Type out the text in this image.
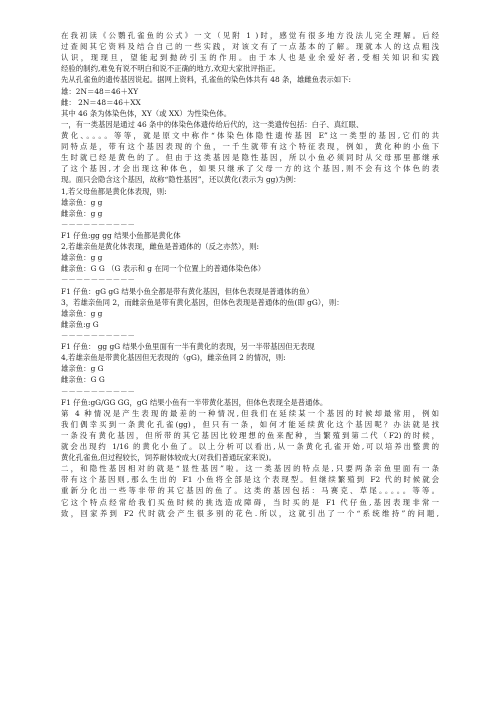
在我初读《公鹦孔雀鱼的公式》一文（见附 1 )时，感觉有很多地方没法儿完全理解。后经
过查阅其它资料及结合自己的一些实践，对该文有了一点基本的了解。现就本人的这点粗浅
认识，现现旦，望能起到抛砖引玉的作用。由于本人也是业余爱好者,受相关知识和实践
经验的制约,难免有说不明白和说不正确的地方,欢迎大家批评指正。
先从孔雀鱼的遗传基因说起。据网上资料，孔雀鱼的染色体共有 48 条，雄雌鱼表示如下:
雄：2N＝48＝46＋XY
雌： 2N＝48＝46＋XX
其中 46 条为体染色体，XY（或 XX）为性染色体。
一，有一类基因是通过 46 条中的体染色体遗传给后代的，这一类遗传包括：白子、真红眼、
黄化、。。。。等等，就是原文中称作“体染色体隐性遗传基因 E”这一类型的基因,它们的共
同特点是，带有这个基因表现的个鱼，一千生就带有这个特征表现，例如，黄化种的小鱼下
生时就已经是黄色的了。但由于这类基因是隐性基因，所以小鱼必须同时从父母那里都继承
了这个基因,才会出现这种体色，如果只继承了父母一方的这个基因,则不会有这个体色的表
现。面只会隐含这个基因，故称“隐性基因”，还以黄化(表示为 gg)为例：
1,若父母鱼都是黄化体表现，则:
雄亲鱼：g g
雌亲鱼：g g
－－－－－－－－－－
F1 仔鱼:gg gg 结果小鱼都是黄化体
2,若雄亲鱼是黄化体表现，雌鱼是普通体的（反之亦然），则:
雄亲鱼：g g
雌亲鱼：G G （G 表示和 g 在同一个位置上的普通体染色体）
－－－－－－－－－－
F1 仔鱼：gG gG 结果小鱼全都是带有黄化基因，但体色表现是普通体的鱼）
3，若雄亲鱼同 2，而雌亲鱼是带有黄化基因，但体色表现是普通体的鱼(即 gG），则：
雄亲鱼：g g
雌亲鱼:g G
－－－－－－－－－－
F1 仔鱼： gg gG 结果小鱼里面有一半有黄化的表现，另一半带基因但无表现
4,若雄亲鱼是带黄化基因但无表现的（gG)，雌亲鱼同 2 的情况，则:
雄亲鱼：g G
雌亲鱼：G G
－－－－－－－－－－
F1 仔鱼:gG/GG GG，gG 结果小鱼有一半带黄化基因，但体色表现全是普通体。
第 4 种情况是产生表现的最差的一种情况,但我们在延续某一个基因的时候却最常用，例如
我们偶幸买到一条黄化孔雀(gg)，但只有一条，如何才能延续黄化这个基因呢？办法就是找
一条没有黄化基因，但所带的其它基因比较理想的鱼来配种，当繁殖到第二代（F2)的时候，
就会出现约 1/16 的黄化小鱼了。以上分析可以看出,从一条黄化孔雀开始,可以培养出整黄的
黄化孔雀鱼,但过程较长，饲养耐体较成大(对我们普通玩家来说)。
二，和隐性基因相对的就是“显性基因”啦。这一类基因的特点是,只要两条亲鱼里面有一条
带有这个基因则,那么生出的 F1 小鱼将全部是这个表现型。但继续繁殖到 F2 代的时候就会
重新分化出一些等非带的其它基因的鱼了。这类的基因包括：马赛克、草尾。。。。。等等。
它这个特点经常给我们买鱼时候的挑选造成障碍，当时买的是 F1 代仔鱼,基因表现非常一
致，回家养到 F2 代时就会产生很多别的花色.所以，这就引出了一个“系统维持”的问题,
